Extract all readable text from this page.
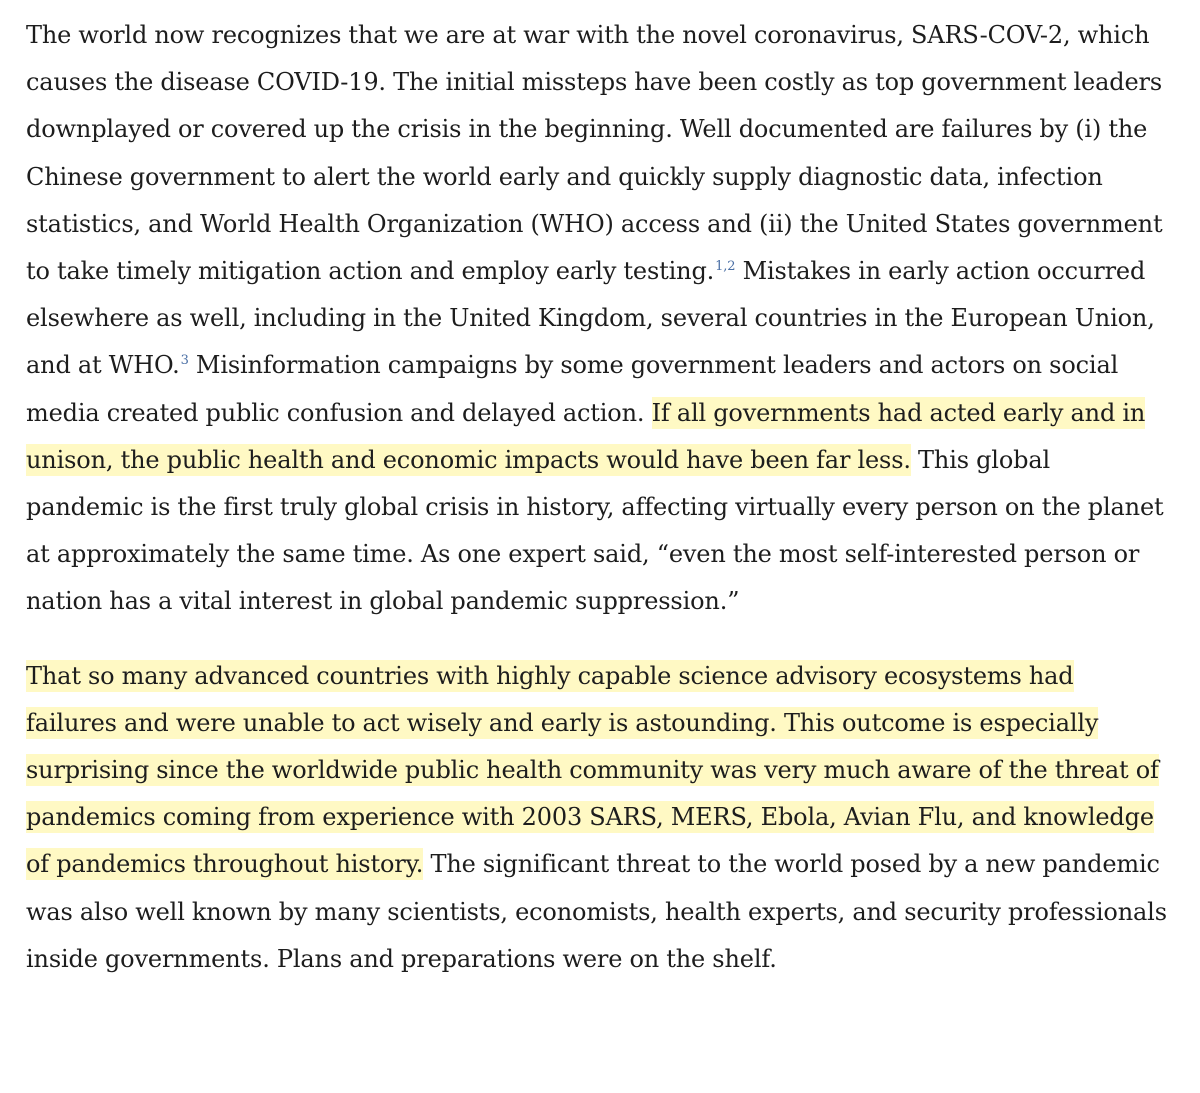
The world now recognizes that we are at war with the novel coronavirus, SARS-COV-2, which causes the disease COVID-19. The initial missteps have been costly as top government leaders downplayed or covered up the crisis in the beginning. Well documented are failures by (i) the Chinese government to alert the world early and quickly supply diagnostic data, infection statistics, and World Health Organization (WHO) access and (ii) the United States government to take timely mitigation action and employ early testing.$^{1,2}$ Mistakes in early action occurred elsewhere as well, including in the United Kingdom, several countries in the European Union, and at WHO.$^3$ Misinformation campaigns by some government leaders and actors on social media created public confusion and delayed action. If all governments had acted early and in unison, the public health and economic impacts would have been far less. This global pandemic is the first truly global crisis in history, affecting virtually every person on the planet at approximately the same time. As one expert said, “even the most self-interested person or nation has a vital interest in global pandemic suppression.”

That so many advanced countries with highly capable science advisory ecosystems had failures and were unable to act wisely and early is astounding. This outcome is especially surprising since the worldwide public health community was very much aware of the threat of pandemics coming from experience with 2003 SARS, MERS, Ebola, Avian Flu, and knowledge of pandemics throughout history. The significant threat to the world posed by a new pandemic was also well known by many scientists, economists, health experts, and security professionals inside governments. Plans and preparations were on the shelf.
